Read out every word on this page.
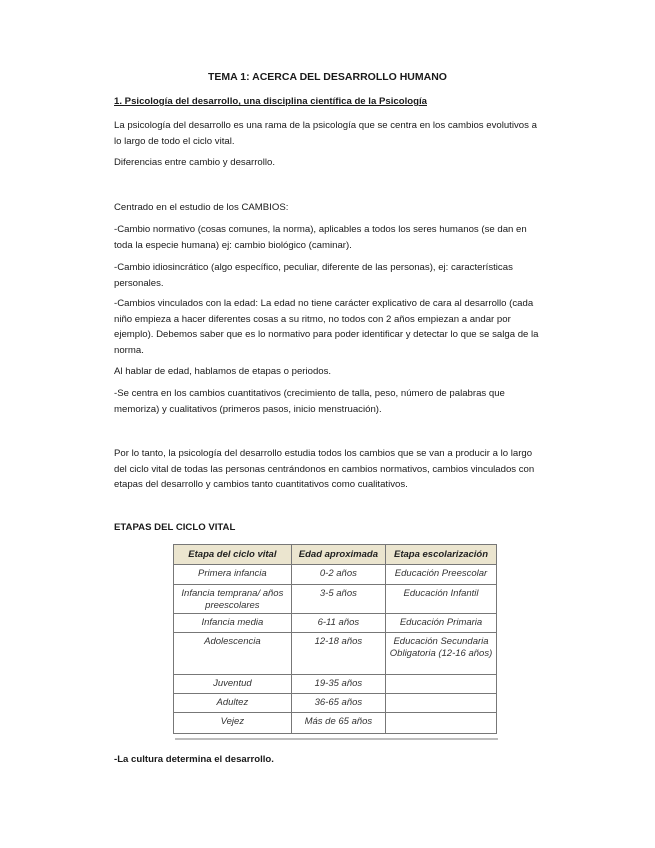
TEMA 1: ACERCA DEL DESARROLLO HUMANO

1. Psicología del desarrollo, una disciplina científica de la Psicología

La psicología del desarrollo es una rama de la psicología que se centra en los cambios evolutivos a lo largo de todo el ciclo vital.

Diferencias entre cambio y desarrollo.

Centrado en el estudio de los CAMBIOS:

-Cambio normativo (cosas comunes, la norma), aplicables a todos los seres humanos (se dan en toda la especie humana) ej: cambio biológico (caminar).

-Cambio idiosincrático (algo específico, peculiar, diferente de las personas), ej: características personales.

-Cambios vinculados con la edad: La edad no tiene carácter explicativo de cara al desarrollo (cada niño empieza a hacer diferentes cosas a su ritmo, no todos con 2 años empiezan a andar por ejemplo). Debemos saber que es lo normativo para poder identificar y detectar lo que se salga de la norma.

Al hablar de edad, hablamos de etapas o periodos.

-Se centra en los cambios cuantitativos (crecimiento de talla, peso, número de palabras que memoriza) y cualitativos (primeros pasos, inicio menstruación).

Por lo tanto, la psicología del desarrollo estudia todos los cambios que se van a producir a lo largo del ciclo vital de todas las personas centrándonos en cambios normativos, cambios vinculados con etapas del desarrollo y cambios tanto cuantitativos como cualitativos.

ETAPAS DEL CICLO VITAL

Etapa del ciclo vital	Edad aproximada	Etapa escolarización
Primera infancia	0-2 años	Educación Preescolar
Infancia temprana/ años preescolares	3-5 años	Educación Infantil
Infancia media	6-11 años	Educación Primaria
Adolescencia	12-18 años	Educación Secundaria Obligatoria (12-16 años)
Juventud	19-35 años	
Adultez	36-65 años	
Vejez	Más de 65 años	

-La cultura determina el desarrollo.
